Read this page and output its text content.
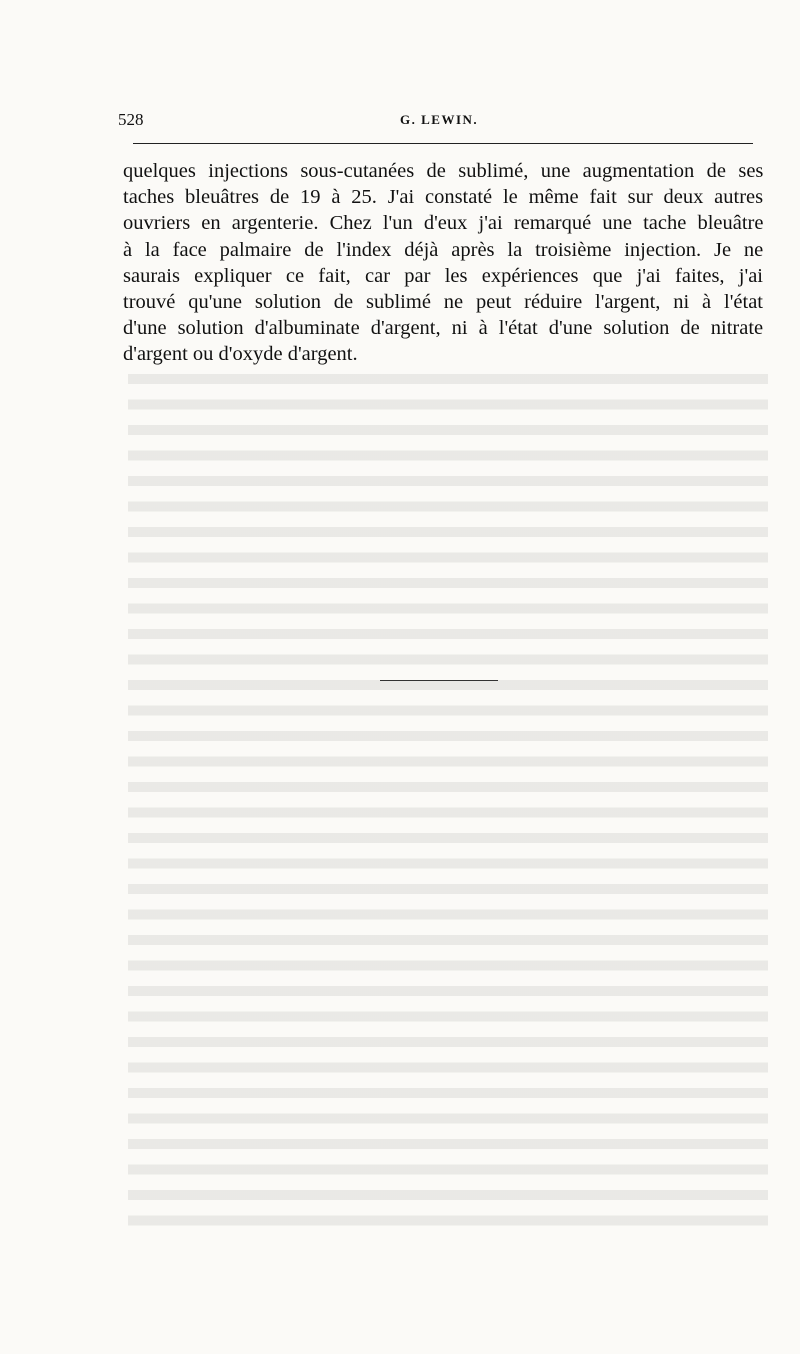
528	G. LEWIN.
quelques injections sous-cutanées de sublimé, une augmentation de ses
taches bleuâtres de 19 à 25. J'ai constaté le même fait sur deux autres
ouvriers en argenterie. Chez l'un d'eux j'ai remarqué une tache bleuâtre
à la face palmaire de l'index déjà après la troisième injection. Je ne
saurais expliquer ce fait, car par les expériences que j'ai faites, j'ai
trouvé qu'une solution de sublimé ne peut réduire l'argent, ni à l'état
d'une solution d'albuminate d'argent, ni à l'état d'une solution de nitrate
d'argent ou d'oxyde d'argent.
